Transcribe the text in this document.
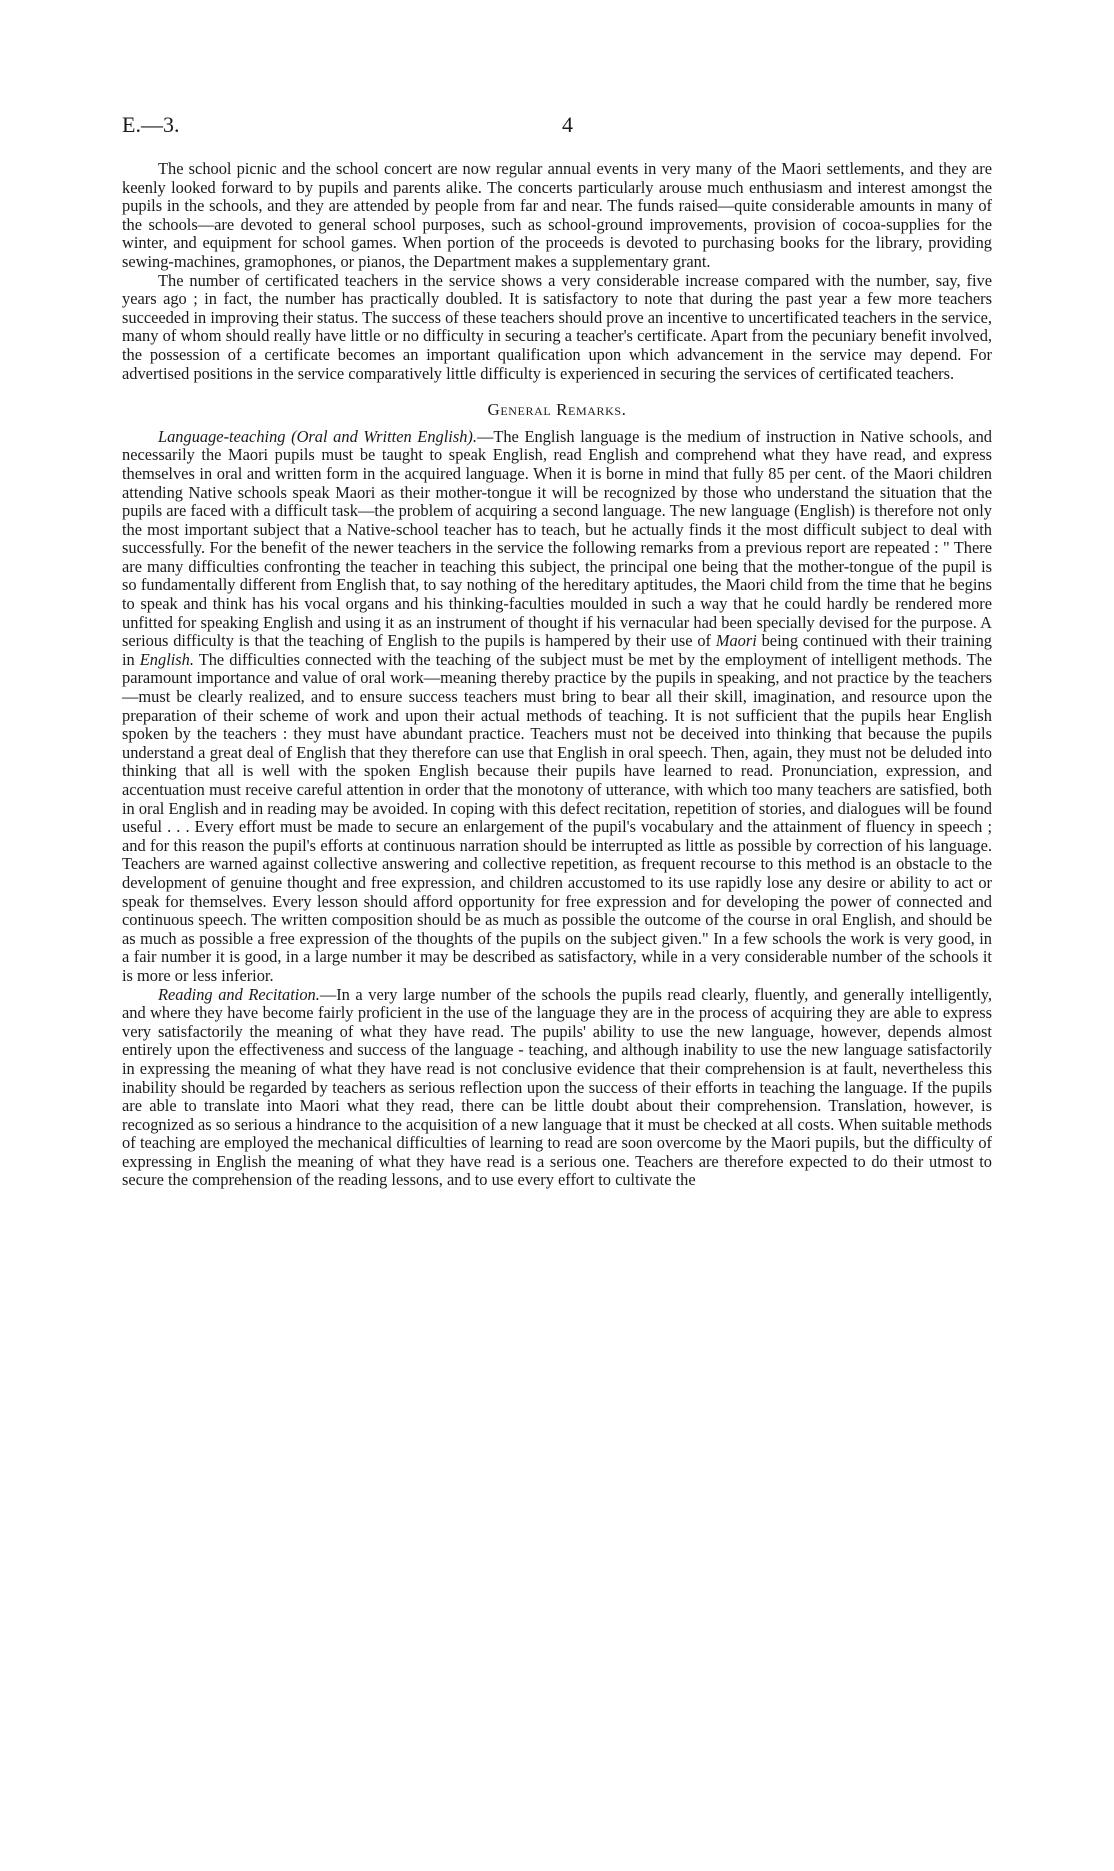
E.—3.	4

The school picnic and the school concert are now regular annual events in very many of the Maori settlements, and they are keenly looked forward to by pupils and parents alike. The concerts particularly arouse much enthusiasm and interest amongst the pupils in the schools, and they are attended by people from far and near. The funds raised—quite considerable amounts in many of the schools—are devoted to general school purposes, such as school-ground improvements, provision of cocoa-supplies for the winter, and equipment for school games. When portion of the proceeds is devoted to purchasing books for the library, providing sewing-machines, gramophones, or pianos, the Department makes a supplementary grant.

The number of certificated teachers in the service shows a very considerable increase compared with the number, say, five years ago ; in fact, the number has practically doubled. It is satisfactory to note that during the past year a few more teachers succeeded in improving their status. The success of these teachers should prove an incentive to uncertificated teachers in the service, many of whom should really have little or no difficulty in securing a teacher's certificate. Apart from the pecuniary benefit involved, the possession of a certificate becomes an important qualification upon which advancement in the service may depend. For advertised positions in the service comparatively little difficulty is experienced in securing the services of certificated teachers.

General Remarks.

Language-teaching (Oral and Written English).—The English language is the medium of instruction in Native schools, and necessarily the Maori pupils must be taught to speak English, read English and comprehend what they have read, and express themselves in oral and written form in the acquired language. When it is borne in mind that fully 85 per cent. of the Maori children attending Native schools speak Maori as their mother-tongue it will be recognized by those who understand the situation that the pupils are faced with a difficult task—the problem of acquiring a second language. The new language (English) is therefore not only the most important subject that a Native-school teacher has to teach, but he actually finds it the most difficult subject to deal with successfully. For the benefit of the newer teachers in the service the following remarks from a previous report are repeated : " There are many difficulties confronting the teacher in teaching this subject, the principal one being that the mother-tongue of the pupil is so fundamentally different from English that, to say nothing of the hereditary aptitudes, the Maori child from the time that he begins to speak and think has his vocal organs and his thinking-faculties moulded in such a way that he could hardly be rendered more unfitted for speaking English and using it as an instrument of thought if his vernacular had been specially devised for the purpose. A serious difficulty is that the teaching of English to the pupils is hampered by their use of Maori being continued with their training in English. The difficulties connected with the teaching of the subject must be met by the employment of intelligent methods. The paramount importance and value of oral work—meaning thereby practice by the pupils in speaking, and not practice by the teachers—must be clearly realized, and to ensure success teachers must bring to bear all their skill, imagination, and resource upon the preparation of their scheme of work and upon their actual methods of teaching. It is not sufficient that the pupils hear English spoken by the teachers : they must have abundant practice. Teachers must not be deceived into thinking that because the pupils understand a great deal of English that they therefore can use that English in oral speech. Then, again, they must not be deluded into thinking that all is well with the spoken English because their pupils have learned to read. Pronunciation, expression, and accentuation must receive careful attention in order that the monotony of utterance, with which too many teachers are satisfied, both in oral English and in reading may be avoided. In coping with this defect recitation, repetition of stories, and dialogues will be found useful . . . Every effort must be made to secure an enlargement of the pupil's vocabulary and the attainment of fluency in speech ; and for this reason the pupil's efforts at continuous narration should be interrupted as little as possible by correction of his language. Teachers are warned against collective answering and collective repetition, as frequent recourse to this method is an obstacle to the development of genuine thought and free expression, and children accustomed to its use rapidly lose any desire or ability to act or speak for themselves. Every lesson should afford opportunity for free expression and for developing the power of connected and continuous speech. The written composition should be as much as possible the outcome of the course in oral English, and should be as much as possible a free expression of the thoughts of the pupils on the subject given." In a few schools the work is very good, in a fair number it is good, in a large number it may be described as satisfactory, while in a very considerable number of the schools it is more or less inferior.

Reading and Recitation.—In a very large number of the schools the pupils read clearly, fluently, and generally intelligently, and where they have become fairly proficient in the use of the language they are in the process of acquiring they are able to express very satisfactorily the meaning of what they have read. The pupils' ability to use the new language, however, depends almost entirely upon the effectiveness and success of the language - teaching, and although inability to use the new language satisfactorily in expressing the meaning of what they have read is not conclusive evidence that their comprehension is at fault, nevertheless this inability should be regarded by teachers as serious reflection upon the success of their efforts in teaching the language. If the pupils are able to translate into Maori what they read, there can be little doubt about their comprehension. Translation, however, is recognized as so serious a hindrance to the acquisition of a new language that it must be checked at all costs. When suitable methods of teaching are employed the mechanical difficulties of learning to read are soon overcome by the Maori pupils, but the difficulty of expressing in English the meaning of what they have read is a serious one. Teachers are therefore expected to do their utmost to secure the comprehension of the reading lessons, and to use every effort to cultivate the
